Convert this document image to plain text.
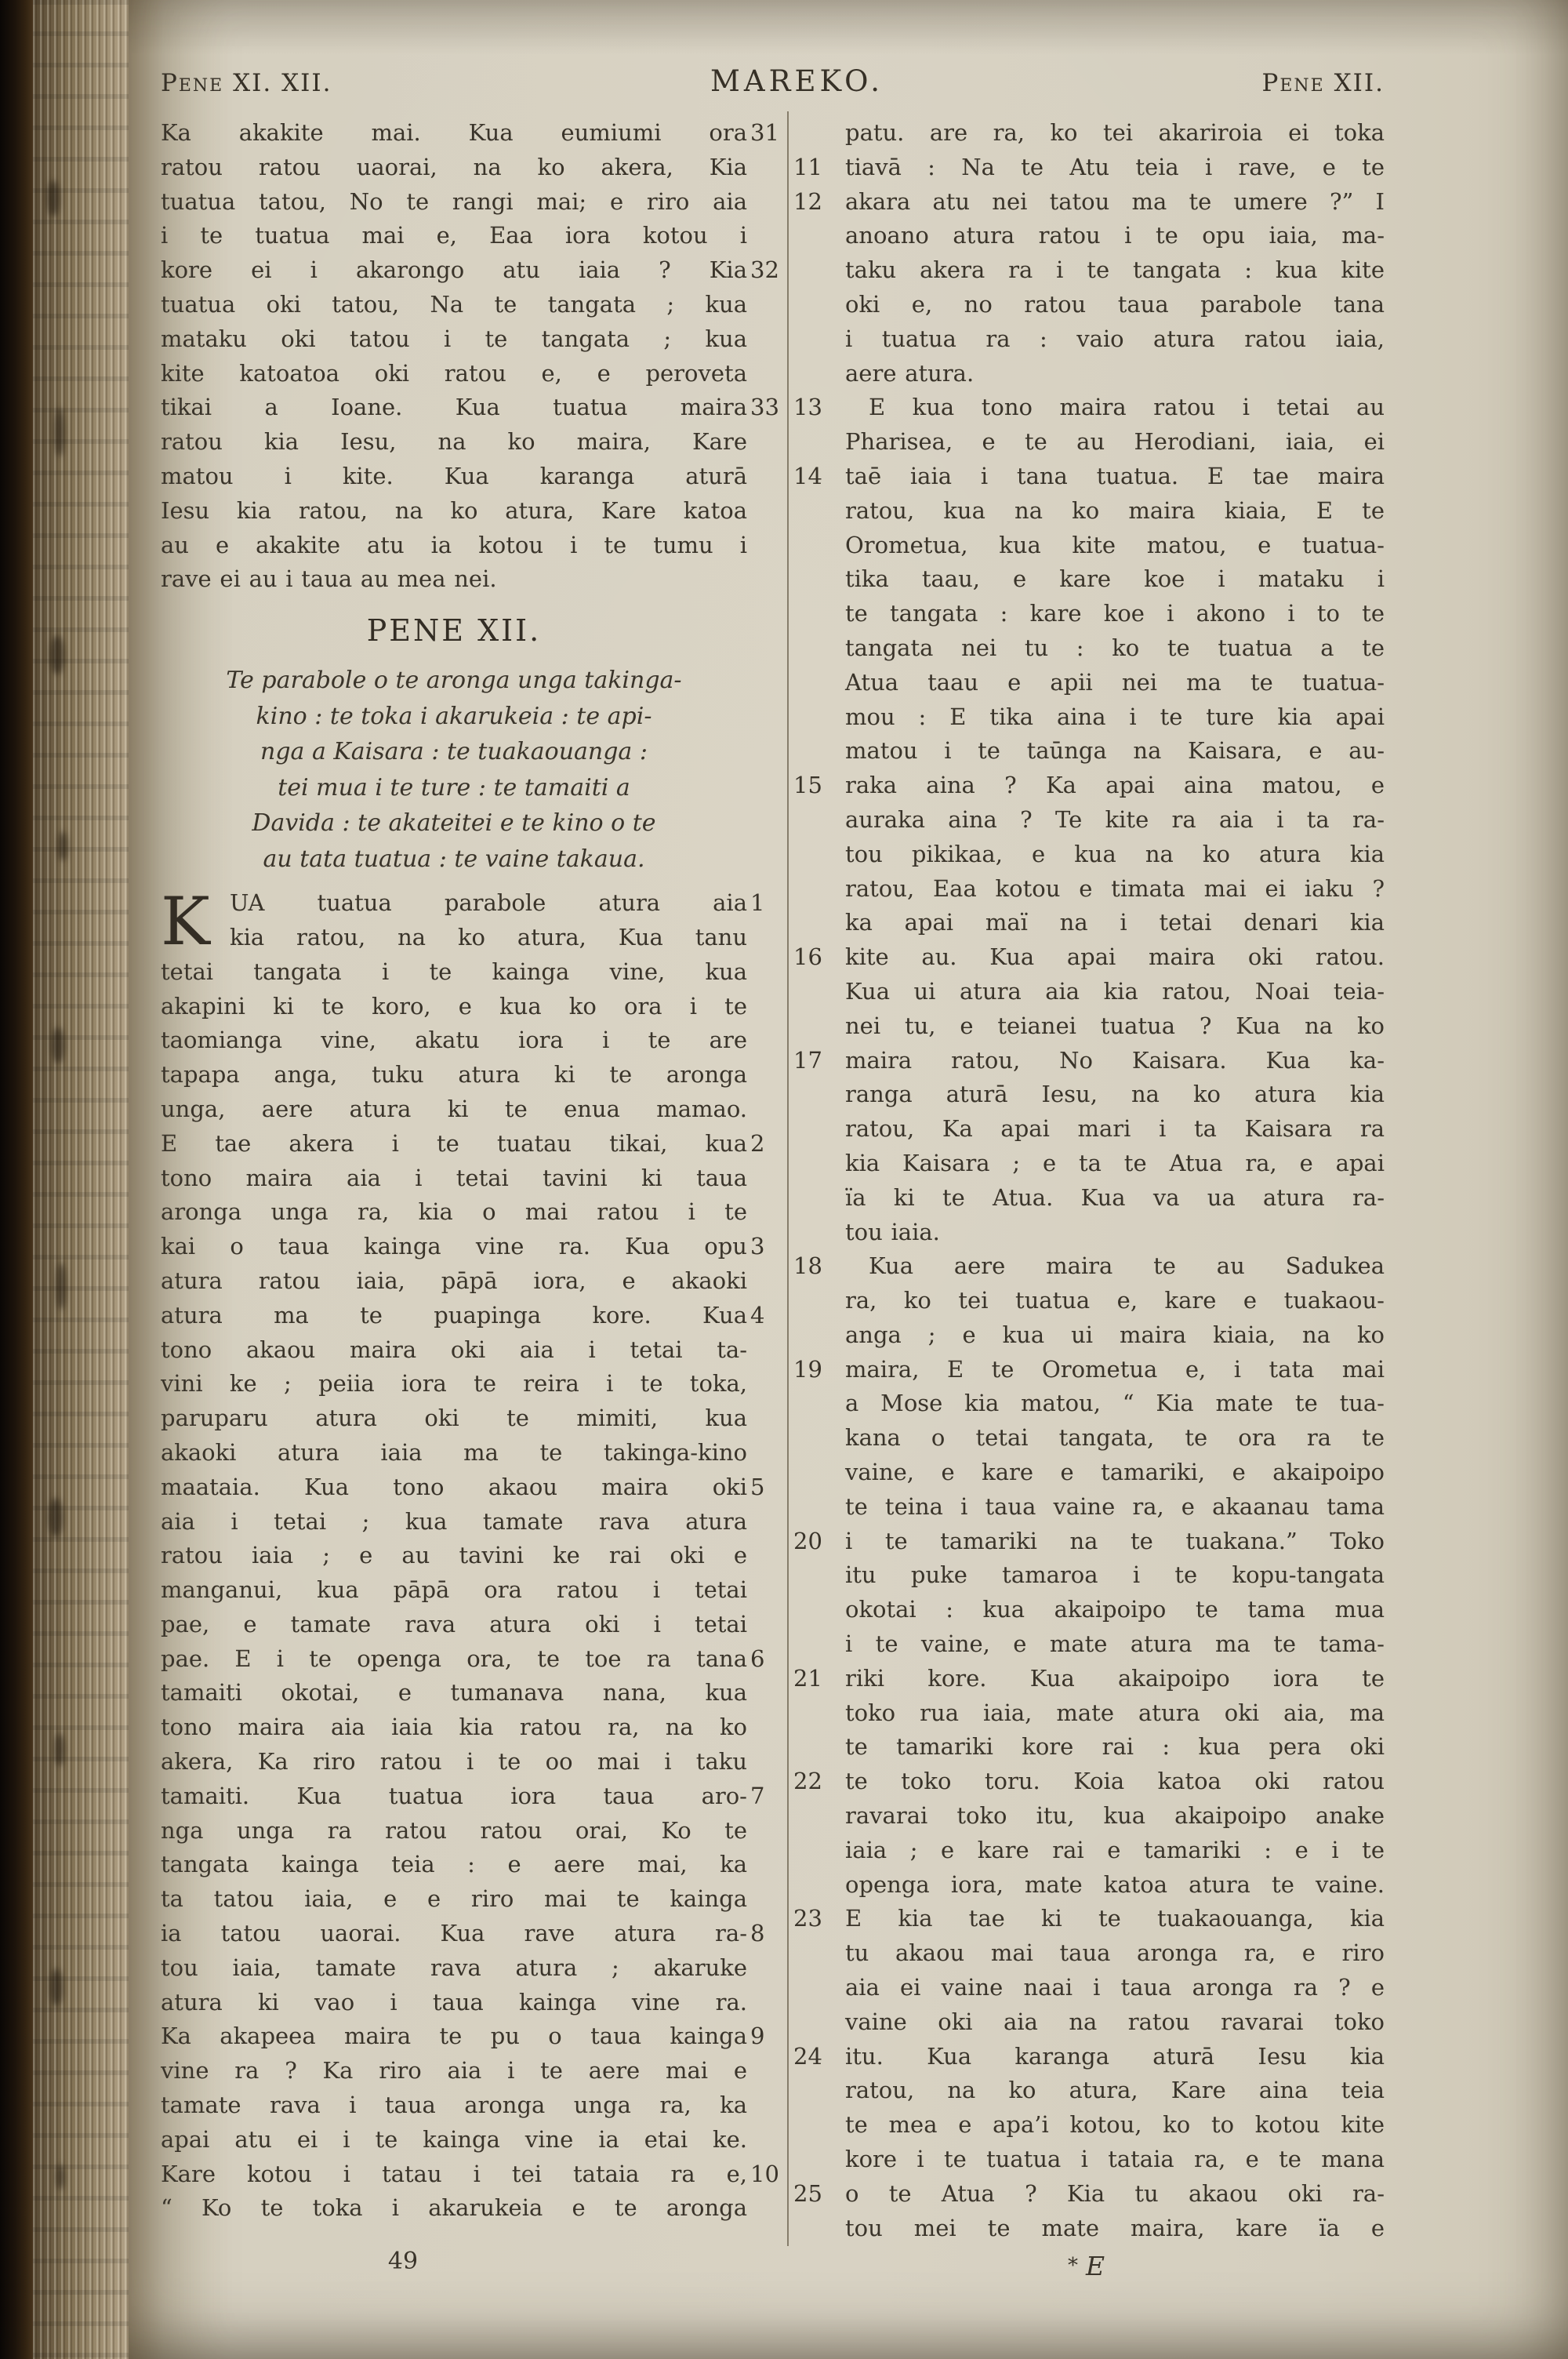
Pene XI. XII.	MAREKO.	Pene XII.
Ka akakite mai. Kua eumiumi ora 31
ratou ratou uaorai, na ko akera, Kia
tuatua tatou, No te rangi mai; e riro aia
i te tuatua mai e, Eaa iora kotou i
kore ei i akarongo atu iaia ? Kia 32
tuatua oki tatou, Na te tangata ; kua
mataku oki tatou i te tangata ; kua
kite katoatoa oki ratou e, e peroveta
tikai a Ioane. Kua tuatua maira 33
ratou kia Iesu, na ko maira, Kare
matou i kite. Kua karanga aturā
Iesu kia ratou, na ko atura, Kare katoa
au e akakite atu ia kotou i te tumu i
rave ei au i taua au mea nei.
PENE XII.
Te parabole o te aronga unga takinga-
kino : te toka i akarukeia : te api-
nga a Kaisara : te tuakaouanga :
tei mua i te ture : te tamaiti a
Davida : te akateitei e te kino o te
au tata tuatua : te vaine takaua.
K UA tuatua parabole atura aia 1
kia ratou, na ko atura, Kua tanu
tetai tangata i te kainga vine, kua
akapini ki te koro, e kua ko ora i te
taomianga vine, akatu iora i te are
tapapa anga, tuku atura ki te aronga
unga, aere atura ki te enua mamao.
E tae akera i te tuatau tikai, kua 2
tono maira aia i tetai tavini ki taua
aronga unga ra, kia o mai ratou i te
kai o taua kainga vine ra. Kua opu 3
atura ratou iaia, pāpā iora, e akaoki
atura ma te puapinga kore. Kua 4
tono akaou maira oki aia i tetai ta-
vini ke ; peiia iora te reira i te toka,
paruparu atura oki te mimiti, kua
akaoki atura iaia ma te takinga-kino
maataia. Kua tono akaou maira oki 5
aia i tetai ; kua tamate rava atura
ratou iaia ; e au tavini ke rai oki e
manganui, kua pāpā ora ratou i tetai
pae, e tamate rava atura oki i tetai
pae. E i te openga ora, te toe ra tana 6
tamaiti okotai, e tumanava nana, kua
tono maira aia iaia kia ratou ra, na ko
akera, Ka riro ratou i te oo mai i taku
tamaiti. Kua tuatua iora taua aro- 7
nga unga ra ratou ratou orai, Ko te
tangata kainga teia : e aere mai, ka
ta tatou iaia, e e riro mai te kainga
ia tatou uaorai. Kua rave atura ra- 8
tou iaia, tamate rava atura ; akaruke
atura ki vao i taua kainga vine ra.
Ka akapeea maira te pu o taua kainga 9
vine ra ? Ka riro aia i te aere mai e
tamate rava i taua aronga unga ra, ka
apai atu ei i te kainga vine ia etai ke.
Kare kotou i tatau i tei tataia ra e, 10
“ Ko te toka i akarukeia e te aronga
patu. are ra, ko tei akariroia ei toka
tiavā : Na te Atu teia i rave, e te
11
akara atu nei tatou ma te umere ?” I
12
anoano atura ratou i te opu iaia, ma-
taku akera ra i te tangata : kua kite
oki e, no ratou taua parabole tana
i tuatua ra : vaio atura ratou iaia,
aere atura.
E kua tono maira ratou i tetai au
13
Pharisea, e te au Herodiani, iaia, ei
taē iaia i tana tuatua. E tae maira
14
ratou, kua na ko maira kiaia, E te
Orometua, kua kite matou, e tuatua-
tika taau, e kare koe i mataku i
te tangata : kare koe i akono i to te
tangata nei tu : ko te tuatua a te
Atua taau e apii nei ma te tuatua-
mou : E tika aina i te ture kia apai
matou i te taūnga na Kaisara, e au-
raka aina ? Ka apai aina matou, e
15
auraka aina ? Te kite ra aia i ta ra-
tou pikikaa, e kua na ko atura kia
ratou, Eaa kotou e timata mai ei iaku ?
ka apai maï na i tetai denari kia
kite au. Kua apai maira oki ratou.
16
Kua ui atura aia kia ratou, Noai teia-
nei tu, e teianei tuatua ? Kua na ko
maira ratou, No Kaisara. Kua ka-
17
ranga aturā Iesu, na ko atura kia
ratou, Ka apai mari i ta Kaisara ra
kia Kaisara ; e ta te Atua ra, e apai
ïa ki te Atua. Kua va ua atura ra-
tou iaia.
Kua aere maira te au Sadukea
18
ra, ko tei tuatua e, kare e tuakaou-
anga ; e kua ui maira kiaia, na ko
maira, E te Orometua e, i tata mai
19
a Mose kia matou, “ Kia mate te tua-
kana o tetai tangata, te ora ra te
vaine, e kare e tamariki, e akaipoipo
te teina i taua vaine ra, e akaanau tama
i te tamariki na te tuakana.” Toko
20
itu puke tamaroa i te kopu-tangata
okotai : kua akaipoipo te tama mua
i te vaine, e mate atura ma te tama-
riki kore. Kua akaipoipo iora te
21
toko rua iaia, mate atura oki aia, ma
te tamariki kore rai : kua pera oki
te toko toru. Koia katoa oki ratou
22
ravarai toko itu, kua akaipoipo anake
iaia ; e kare rai e tamariki : e i te
openga iora, mate katoa atura te vaine.
E kia tae ki te tuakaouanga, kia
23
tu akaou mai taua aronga ra, e riro
aia ei vaine naai i taua aronga ra ? e
vaine oki aia na ratou ravarai toko
itu. Kua karanga aturā Iesu kia
24
ratou, na ko atura, Kare aina teia
te mea e apa’i kotou, ko to kotou kite
kore i te tuatua i tataia ra, e te mana
o te Atua ? Kia tu akaou oki ra-
25
tou mei te mate maira, kare ïa e
49	* E
